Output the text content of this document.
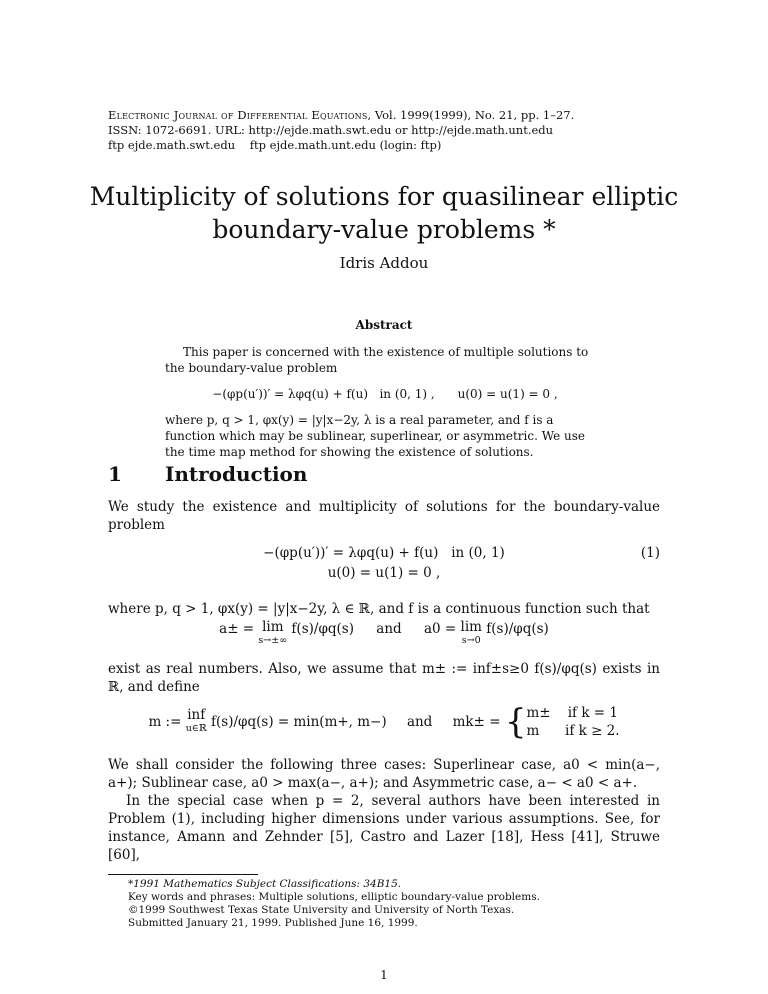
Electronic Journal of Differential Equations, Vol. 1999(1999), No. 21, pp. 1–27.
ISSN: 1072-6691. URL: http://ejde.math.swt.edu or http://ejde.math.unt.edu
ftp ejde.math.swt.edu    ftp ejde.math.unt.edu (login: ftp)
Multiplicity of solutions for quasilinear elliptic
boundary-value problems *
Idris Addou
Abstract

This paper is concerned with the existence of multiple solutions to the boundary-value problem

−(φp(u′))′ = λφq(u) + f(u)   in (0, 1) ,      u(0) = u(1) = 0 ,

where p, q > 1, φx(y) = |y|x−2y, λ is a real parameter, and f is a function which may be sublinear, superlinear, or asymmetric. We use the time map method for showing the existence of solutions.

1 Introduction

We study the existence and multiplicity of solutions for the boundary-value problem

−(φp(u′))′ = λφq(u) + f(u)   in (0, 1)
u(0) = u(1) = 0 ,
(1)

where p, q > 1, φx(y) = |y|x−2y, λ ∈ ℝ, and f is a continuous function such that

a± = lim
s→±∞
f(s)/φq(s) and a0 = lim
s→0
f(s)/φq(s)

exist as real numbers. Also, we assume that m± := inf±s≥0 f(s)/φq(s) exists in ℝ, and define

m := inf
u∈ℝ f(s)/φq(s) = min(m+, m−) and mk± = { m±    if k = 1
m      if k ≥ 2.

We shall consider the following three cases: Superlinear case, a0 < min(a−, a+); Sublinear case, a0 > max(a−, a+); and Asymmetric case, a− < a0 < a+.

In the special case when p = 2, several authors have been interested in Problem (1), including higher dimensions under various assumptions. See, for instance, Amann and Zehnder [5], Castro and Lazer [18], Hess [41], Struwe [60],

*1991 Mathematics Subject Classifications: 34B15.
Key words and phrases: Multiple solutions, elliptic boundary-value problems.
©1999 Southwest Texas State University and University of North Texas.
Submitted January 21, 1999. Published June 16, 1999.
1
